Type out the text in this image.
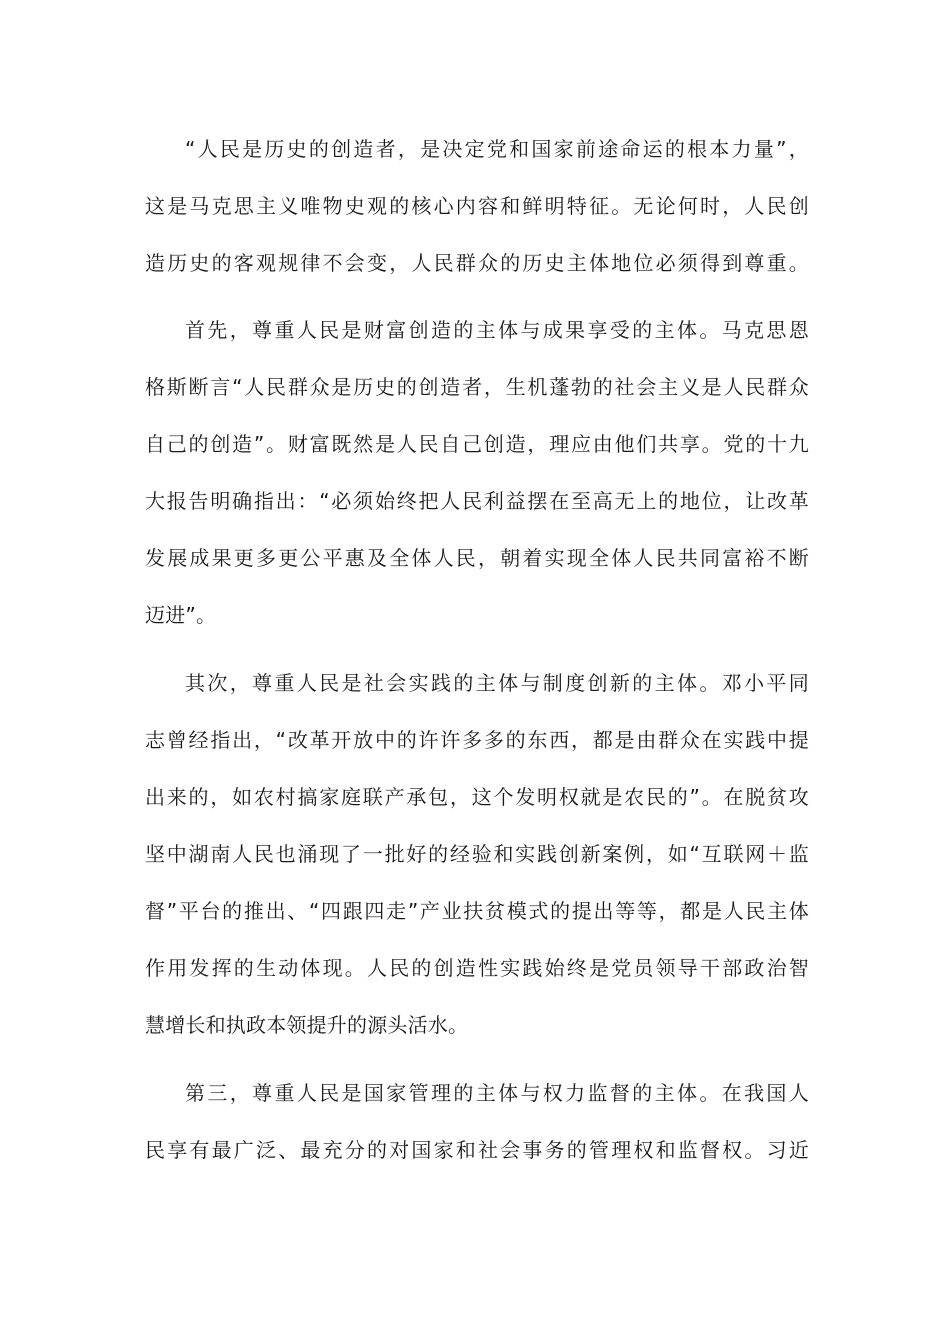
“人民是历史的创造者，是决定党和国家前途命运的根本力量”，

这是马克思主义唯物史观的核心内容和鲜明特征。无论何时，人民创

造历史的客观规律不会变，人民群众的历史主体地位必须得到尊重。

首先，尊重人民是财富创造的主体与成果享受的主体。马克思恩

格斯断言“人民群众是历史的创造者，生机蓬勃的社会主义是人民群众

自己的创造”。财富既然是人民自己创造，理应由他们共享。党的十九

大报告明确指出：“必须始终把人民利益摆在至高无上的地位，让改革

发展成果更多更公平惠及全体人民，朝着实现全体人民共同富裕不断

迈进”。

其次，尊重人民是社会实践的主体与制度创新的主体。邓小平同

志曾经指出，“改革开放中的许许多多的东西，都是由群众在实践中提

出来的，如农村搞家庭联产承包，这个发明权就是农民的”。在脱贫攻

坚中湖南人民也涌现了一批好的经验和实践创新案例，如“互联网＋监

督”平台的推出、“四跟四走”产业扶贫模式的提出等等，都是人民主体

作用发挥的生动体现。人民的创造性实践始终是党员领导干部政治智

慧增长和执政本领提升的源头活水。

第三，尊重人民是国家管理的主体与权力监督的主体。在我国人

民享有最广泛、最充分的对国家和社会事务的管理权和监督权。习近
